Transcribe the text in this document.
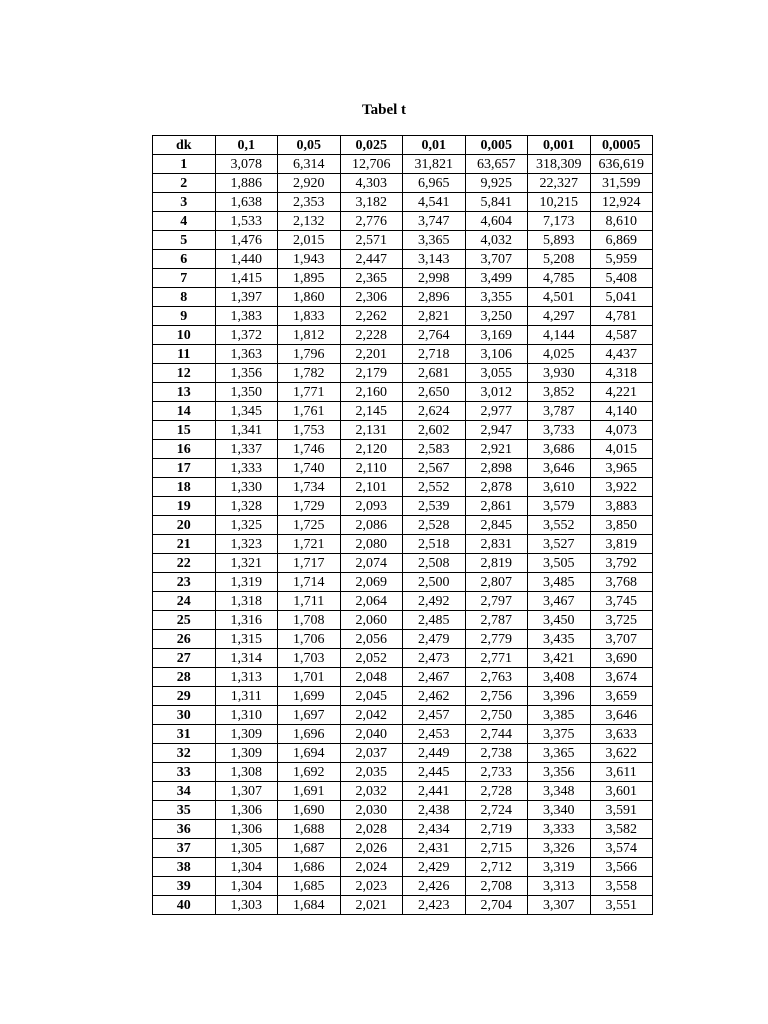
Tabel t
dk	0,1	0,05	0,025	0,01	0,005	0,001	0,0005
1	3,078	6,314	12,706	31,821	63,657	318,309	636,619
2	1,886	2,920	4,303	6,965	9,925	22,327	31,599
3	1,638	2,353	3,182	4,541	5,841	10,215	12,924
4	1,533	2,132	2,776	3,747	4,604	7,173	8,610
5	1,476	2,015	2,571	3,365	4,032	5,893	6,869
6	1,440	1,943	2,447	3,143	3,707	5,208	5,959
7	1,415	1,895	2,365	2,998	3,499	4,785	5,408
8	1,397	1,860	2,306	2,896	3,355	4,501	5,041
9	1,383	1,833	2,262	2,821	3,250	4,297	4,781
10	1,372	1,812	2,228	2,764	3,169	4,144	4,587
11	1,363	1,796	2,201	2,718	3,106	4,025	4,437
12	1,356	1,782	2,179	2,681	3,055	3,930	4,318
13	1,350	1,771	2,160	2,650	3,012	3,852	4,221
14	1,345	1,761	2,145	2,624	2,977	3,787	4,140
15	1,341	1,753	2,131	2,602	2,947	3,733	4,073
16	1,337	1,746	2,120	2,583	2,921	3,686	4,015
17	1,333	1,740	2,110	2,567	2,898	3,646	3,965
18	1,330	1,734	2,101	2,552	2,878	3,610	3,922
19	1,328	1,729	2,093	2,539	2,861	3,579	3,883
20	1,325	1,725	2,086	2,528	2,845	3,552	3,850
21	1,323	1,721	2,080	2,518	2,831	3,527	3,819
22	1,321	1,717	2,074	2,508	2,819	3,505	3,792
23	1,319	1,714	2,069	2,500	2,807	3,485	3,768
24	1,318	1,711	2,064	2,492	2,797	3,467	3,745
25	1,316	1,708	2,060	2,485	2,787	3,450	3,725
26	1,315	1,706	2,056	2,479	2,779	3,435	3,707
27	1,314	1,703	2,052	2,473	2,771	3,421	3,690
28	1,313	1,701	2,048	2,467	2,763	3,408	3,674
29	1,311	1,699	2,045	2,462	2,756	3,396	3,659
30	1,310	1,697	2,042	2,457	2,750	3,385	3,646
31	1,309	1,696	2,040	2,453	2,744	3,375	3,633
32	1,309	1,694	2,037	2,449	2,738	3,365	3,622
33	1,308	1,692	2,035	2,445	2,733	3,356	3,611
34	1,307	1,691	2,032	2,441	2,728	3,348	3,601
35	1,306	1,690	2,030	2,438	2,724	3,340	3,591
36	1,306	1,688	2,028	2,434	2,719	3,333	3,582
37	1,305	1,687	2,026	2,431	2,715	3,326	3,574
38	1,304	1,686	2,024	2,429	2,712	3,319	3,566
39	1,304	1,685	2,023	2,426	2,708	3,313	3,558
40	1,303	1,684	2,021	2,423	2,704	3,307	3,551
